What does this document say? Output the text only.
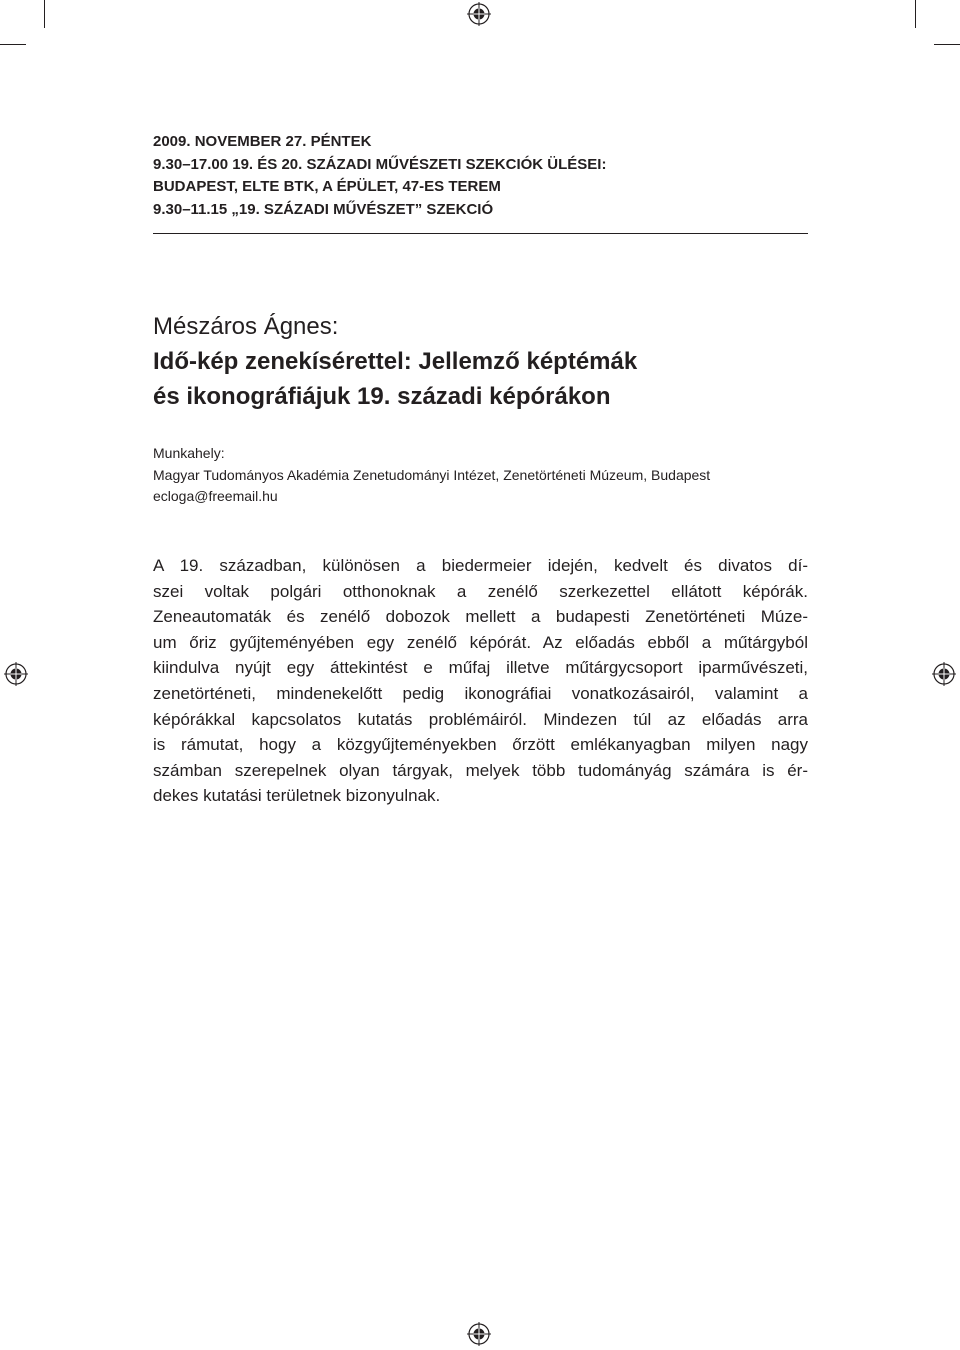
2009. NOVEMBER 27. PÉNTEK
9.30–17.00 19. ÉS 20. SZÁZADI MŰVÉSZETI SZEKCIÓK ÜLÉSEI:
BUDAPEST, ELTE BTK, A ÉPÜLET, 47-ES TEREM
9.30–11.15 „19. SZÁZADI MŰVÉSZET” SZEKCIÓ
Mészáros Ágnes:
Idő-kép zenekísérettel: Jellemző képtémák
és ikonográfiájuk 19. századi képórákon
Munkahely:
Magyar Tudományos Akadémia Zenetudományi Intézet, Zenetörténeti Múzeum, Budapest
ecloga@freemail.hu
A 19. században, különösen a biedermeier idején, kedvelt és divatos dí-
szei voltak polgári otthonoknak a zenélő szerkezettel ellátott képórák.
Zeneautomaták és zenélő dobozok mellett a budapesti Zenetörténeti Múze-
um őriz gyűjteményében egy zenélő képórát. Az előadás ebből a műtárgyból
kiindulva nyújt egy áttekintést e műfaj illetve műtárgycsoport iparművészeti,
zenetörténeti, mindenekelőtt pedig ikonográfiai vonatkozásairól, valamint a
képórákkal kapcsolatos kutatás problémáiról. Mindezen túl az előadás arra
is rámutat, hogy a közgyűjteményekben őrzött emlékanyagban milyen nagy
számban szerepelnek olyan tárgyak, melyek több tudományág számára is ér-
dekes kutatási területnek bizonyulnak.
